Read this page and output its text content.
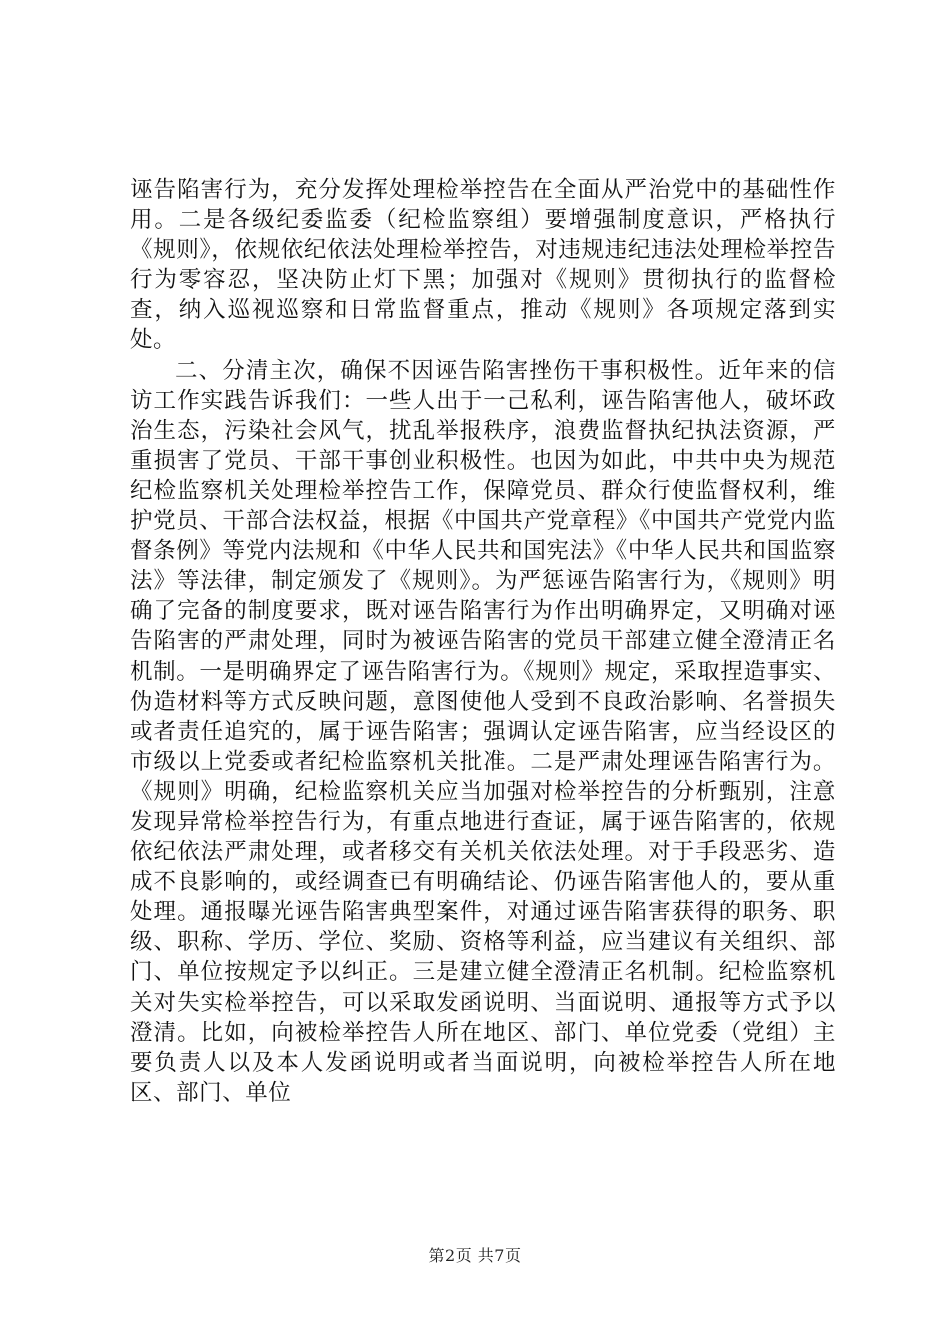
诬告陷害行为，充分发挥处理检举控告在全面从严治党中的基础性作用。二是各级纪委监委（纪检监察组）要增强制度意识，严格执行《规则》，依规依纪依法处理检举控告，对违规违纪违法处理检举控告行为零容忍，坚决防止灯下黑；加强对《规则》贯彻执行的监督检查，纳入巡视巡察和日常监督重点，推动《规则》各项规定落到实处。

二、分清主次，确保不因诬告陷害挫伤干事积极性。近年来的信访工作实践告诉我们：一些人出于一己私利，诬告陷害他人，破坏政治生态，污染社会风气，扰乱举报秩序，浪费监督执纪执法资源，严重损害了党员、干部干事创业积极性。也因为如此，中共中央为规范纪检监察机关处理检举控告工作，保障党员、群众行使监督权利，维护党员、干部合法权益，根据《中国共产党章程》《中国共产党党内监督条例》等党内法规和《中华人民共和国宪法》《中华人民共和国监察法》等法律，制定颁发了《规则》。为严惩诬告陷害行为，《规则》明确了完备的制度要求，既对诬告陷害行为作出明确界定，又明确对诬告陷害的严肃处理，同时为被诬告陷害的党员干部建立健全澄清正名机制。一是明确界定了诬告陷害行为。《规则》规定，采取捏造事实、伪造材料等方式反映问题，意图使他人受到不良政治影响、名誉损失或者责任追究的，属于诬告陷害；强调认定诬告陷害，应当经设区的市级以上党委或者纪检监察机关批准。二是严肃处理诬告陷害行为。《规则》明确，纪检监察机关应当加强对检举控告的分析甄别，注意发现异常检举控告行为，有重点地进行查证，属于诬告陷害的，依规依纪依法严肃处理，或者移交有关机关依法处理。对于手段恶劣、造成不良影响的，或经调查已有明确结论、仍诬告陷害他人的，要从重处理。通报曝光诬告陷害典型案件，对通过诬告陷害获得的职务、职级、职称、学历、学位、奖励、资格等利益，应当建议有关组织、部门、单位按规定予以纠正。三是建立健全澄清正名机制。纪检监察机关对失实检举控告，可以采取发函说明、当面说明、通报等方式予以澄清。比如，向被检举控告人所在地区、部门、单位党委（党组）主要负责人以及本人发函说明或者当面说明，向被检举控告人所在地区、部门、单位

第2页 共7页
